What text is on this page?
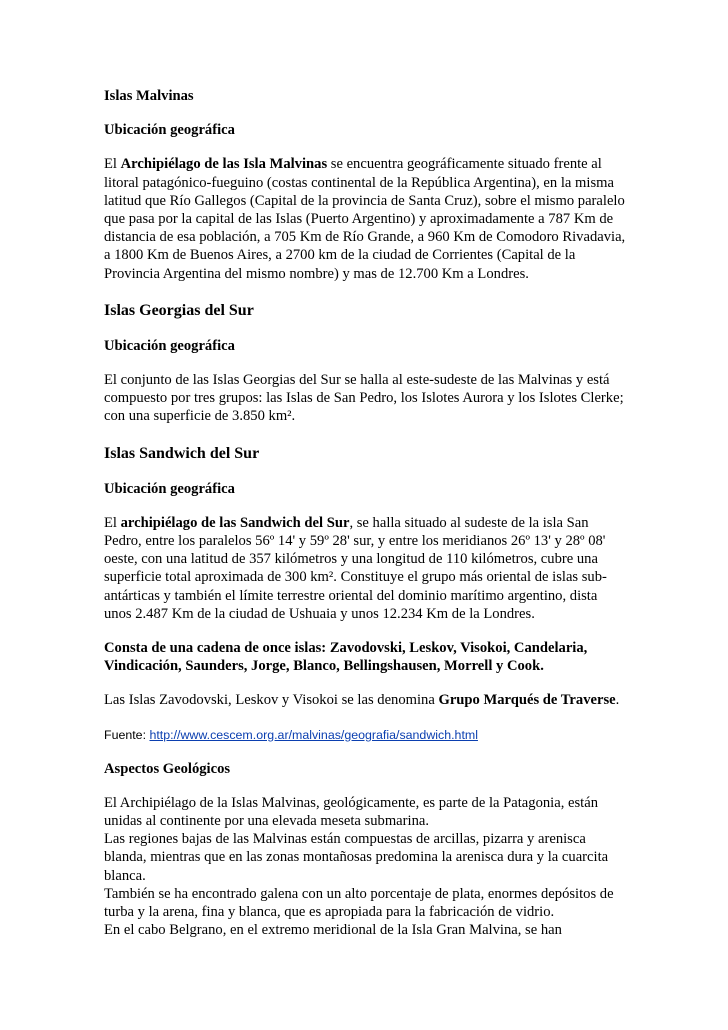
Islas Malvinas

Ubicación geográfica

El Archipiélago de las Isla Malvinas se encuentra geográficamente situado frente al litoral patagónico-fueguino (costas continental de la República Argentina), en la misma latitud que Río Gallegos (Capital de la provincia de Santa Cruz), sobre el mismo paralelo que pasa por la capital de las Islas (Puerto Argentino) y aproximadamente a 787 Km de distancia de esa población, a 705 Km de Río Grande, a 960 Km de Comodoro Rivadavia, a 1800 Km de Buenos Aires, a 2700 km de la ciudad de Corrientes (Capital de la Provincia Argentina del mismo nombre) y mas de 12.700 Km a Londres.

Islas Georgias del Sur

Ubicación geográfica

El conjunto de las Islas Georgias del Sur se halla al este-sudeste de las Malvinas y está compuesto por tres grupos: las Islas de San Pedro, los Islotes Aurora y los Islotes Clerke; con una superficie de 3.850 km².

Islas Sandwich del Sur

Ubicación geográfica

El archipiélago de las Sandwich del Sur, se halla situado al sudeste de la isla San Pedro, entre los paralelos 56º 14' y 59º 28' sur, y entre los meridianos 26º 13' y 28º 08' oeste, con una latitud de 357 kilómetros y una longitud de 110 kilómetros, cubre una superficie total aproximada de 300 km². Constituye el grupo más oriental de islas sub-antárticas y también el límite terrestre oriental del dominio marítimo argentino, dista unos 2.487 Km de la ciudad de Ushuaia y unos 12.234 Km de la Londres.

Consta de una cadena de once islas: Zavodovski, Leskov, Visokoi, Candelaria, Vindicación, Saunders, Jorge, Blanco, Bellingshausen, Morrell y Cook.

Las Islas Zavodovski, Leskov y Visokoi se las denomina Grupo Marqués de Traverse.

Fuente: http://www.cescem.org.ar/malvinas/geografia/sandwich.html

Aspectos Geológicos

El Archipiélago de la Islas Malvinas, geológicamente, es parte de la Patagonia, están unidas al continente por una elevada meseta submarina.

Las regiones bajas de las Malvinas están compuestas de arcillas, pizarra y arenisca blanda, mientras que en las zonas montañosas predomina la arenisca dura y la cuarcita blanca.

También se ha encontrado galena con un alto porcentaje de plata, enormes depósitos de turba y la arena, fina y blanca, que es apropiada para la fabricación de vidrio.

En el cabo Belgrano, en el extremo meridional de la Isla Gran Malvina, se han
